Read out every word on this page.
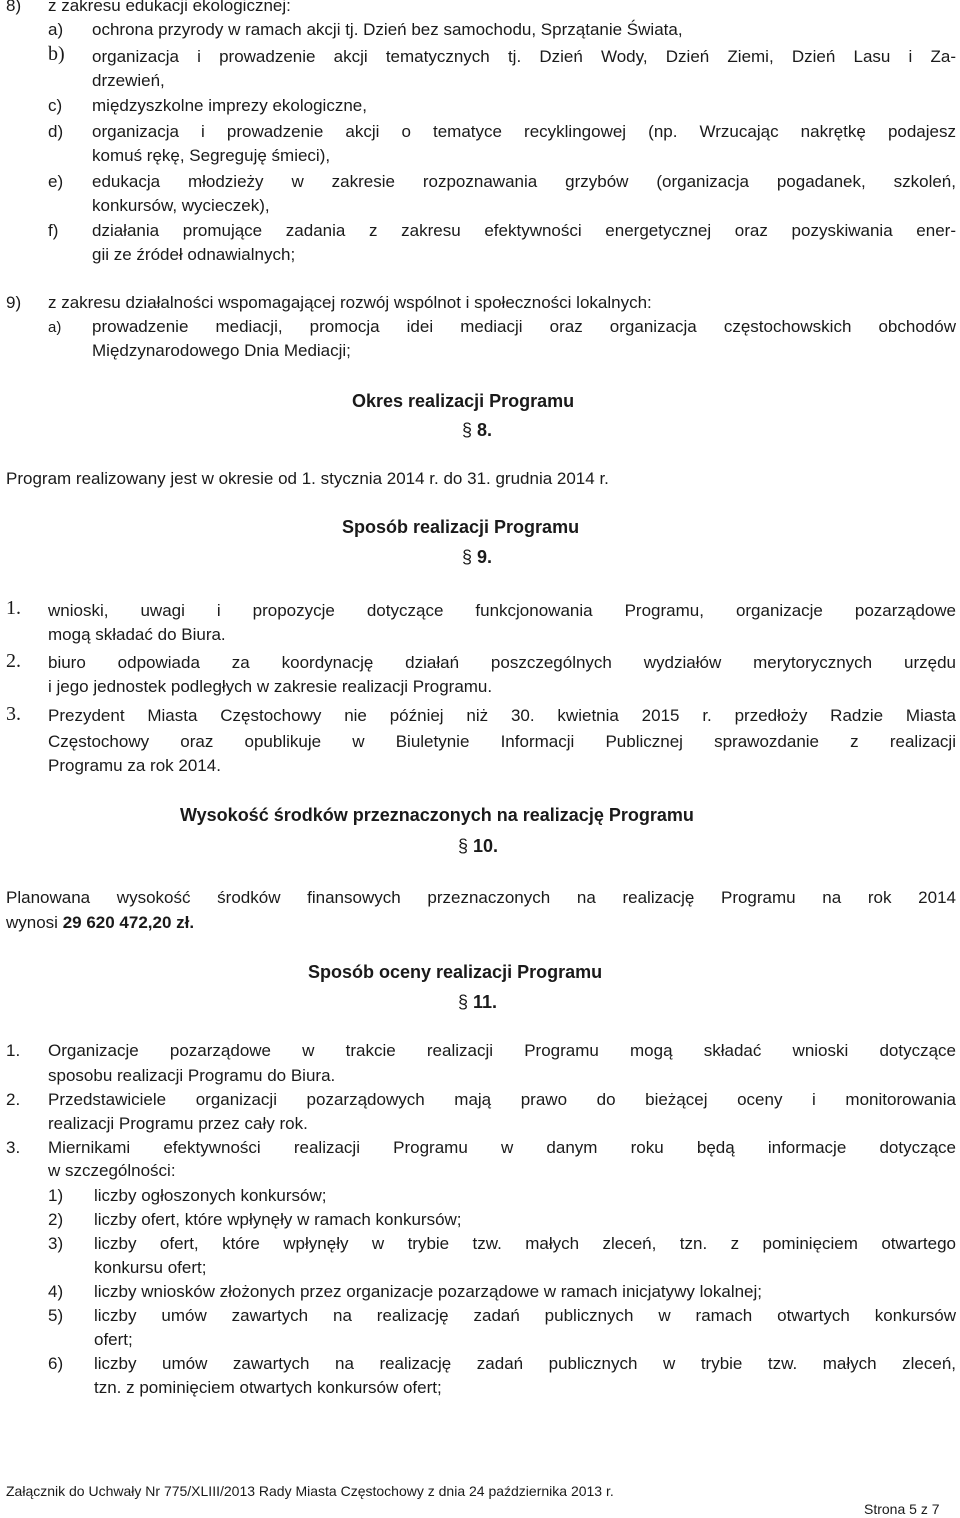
8) z zakresu edukacji ekologicznej:
a) ochrona przyrody w ramach akcji tj. Dzień bez samochodu, Sprzątanie Świata,
b) organizacja i prowadzenie akcji tematycznych tj. Dzień Wody, Dzień Ziemi, Dzień Lasu i Za-
drzewień,
c) międzyszkolne imprezy ekologiczne,
d) organizacja i prowadzenie akcji o tematyce recyklingowej (np. Wrzucając nakrętkę podajesz
komuś rękę, Segreguję śmieci),
e) edukacja młodzieży w zakresie rozpoznawania grzybów (organizacja pogadanek, szkoleń,
konkursów, wycieczek),
f) działania promujące zadania z zakresu efektywności energetycznej oraz pozyskiwania ener-
gii ze źródeł odnawialnych;
9) z zakresu działalności wspomagającej rozwój wspólnot i społeczności lokalnych:
a) prowadzenie mediacji, promocja idei mediacji oraz organizacja częstochowskich obchodów
Międzynarodowego Dnia Mediacji;
Okres realizacji Programu
§ 8.
Program realizowany jest w okresie od 1. stycznia 2014 r. do 31. grudnia 2014 r.
Sposób realizacji Programu
§ 9.
1. wnioski, uwagi i propozycje dotyczące funkcjonowania Programu, organizacje pozarządowe
mogą składać do Biura.
2. biuro odpowiada za koordynację działań poszczególnych wydziałów merytorycznych urzędu
i jego jednostek podległych w zakresie realizacji Programu.
3. Prezydent Miasta Częstochowy nie później niż 30. kwietnia 2015 r. przedłoży Radzie Miasta
Częstochowy oraz opublikuje w Biuletynie Informacji Publicznej sprawozdanie z realizacji
Programu za rok 2014.
Wysokość środków przeznaczonych na realizację Programu
§ 10.
Planowana wysokość środków finansowych przeznaczonych na realizację Programu na rok 2014
wynosi 29 620 472,20 zł.
Sposób oceny realizacji Programu
§ 11.
1. Organizacje pozarządowe w trakcie realizacji Programu mogą składać wnioski dotyczące
sposobu realizacji Programu do Biura.
2. Przedstawiciele organizacji pozarządowych mają prawo do bieżącej oceny i monitorowania
realizacji Programu przez cały rok.
3. Miernikami efektywności realizacji Programu w danym roku będą informacje dotyczące
w szczególności:
1) liczby ogłoszonych konkursów;
2) liczby ofert, które wpłynęły w ramach konkursów;
3) liczby ofert, które wpłynęły w trybie tzw. małych zleceń, tzn. z pominięciem otwartego
konkursu ofert;
4) liczby wniosków złożonych przez organizacje pozarządowe w ramach inicjatywy lokalnej;
5) liczby umów zawartych na realizację zadań publicznych w ramach otwartych konkursów
ofert;
6) liczby umów zawartych na realizację zadań publicznych w trybie tzw. małych zleceń,
tzn. z pominięciem otwartych konkursów ofert;
Załącznik do Uchwały Nr 775/XLIII/2013 Rady Miasta Częstochowy z dnia 24 października 2013 r.
Strona 5 z 7
